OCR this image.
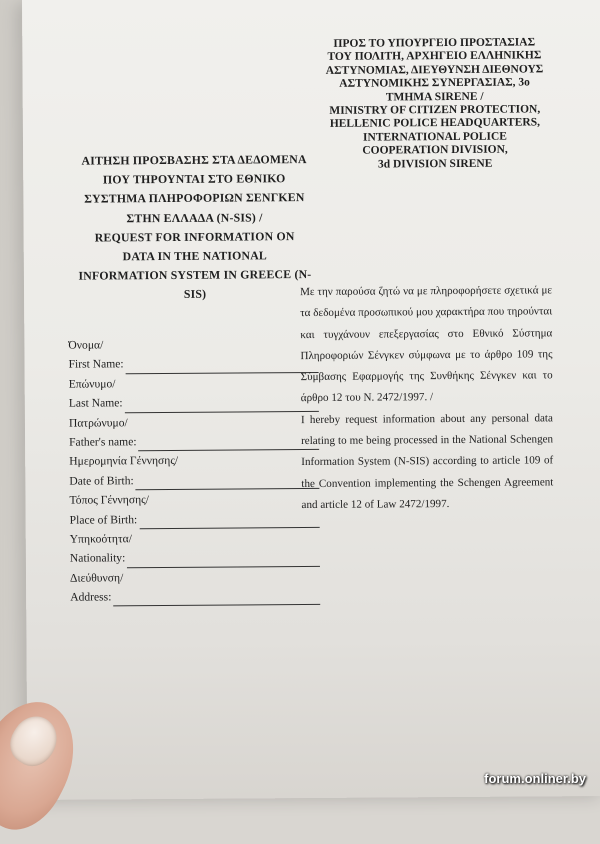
ΠΡΟΣ ΤΟ ΥΠΟΥΡΓΕΙΟ ΠΡΟΣΤΑΣΙΑΣ
ΤΟΥ ΠΟΛΙΤΗ, ΑΡΧΗΓΕΙΟ ΕΛΛΗΝΙΚΗΣ
ΑΣΤΥΝΟΜΙΑΣ, ΔΙΕΥΘΥΝΣΗ ΔΙΕΘΝΟΥΣ
ΑΣΤΥΝΟΜΙΚΗΣ ΣΥΝΕΡΓΑΣΙΑΣ, 3ο
ΤΜΗΜΑ SIRENE /
MINISTRY OF CITIZEN PROTECTION,
HELLENIC POLICE HEADQUARTERS,
INTERNATIONAL POLICE
COOPERATION DIVISION,
3d DIVISION SIRENE
ΑΙΤΗΣΗ ΠΡΟΣΒΑΣΗΣ ΣΤΑ ΔΕΔΟΜΕΝΑ
ΠΟΥ ΤΗΡΟΥΝΤΑΙ ΣΤΟ ΕΘΝΙΚΟ
ΣΥΣΤΗΜΑ ΠΛΗΡΟΦΟΡΙΩΝ ΣΕΝΓΚΕΝ
ΣΤΗΝ ΕΛΛΑΔΑ (N-SIS) /
REQUEST FOR INFORMATION ON
DATA IN THE NATIONAL
INFORMATION SYSTEM IN GREECE (N-
SIS)
Όνομα/
First Name:
Επώνυμο/
Last Name:
Πατρώνυμο/
Father's name:
Ημερομηνία Γέννησης/
Date of Birth:
Τόπος Γέννησης/
Place of Birth:
Υπηκοότητα/
Nationality:
Διεύθυνση/
Address:
Με την παρούσα ζητώ να με πληροφορήσετε σχετικά με τα δεδομένα προσωπικού μου χαρακτήρα που τηρούνται και τυγχάνουν επεξεργασίας στο Εθνικό Σύστημα Πληροφοριών Σένγκεν σύμφωνα με το άρθρο 109 της Σύμβασης Εφαρμογής της Συνθήκης Σένγκεν και το άρθρο 12 του Ν. 2472/1997. /
I hereby request information about any personal data relating to me being processed in the National Schengen Information System (N-SIS) according to article 109 of the Convention implementing the Schengen Agreement and article 12 of Law 2472/1997.
forum.onliner.by
